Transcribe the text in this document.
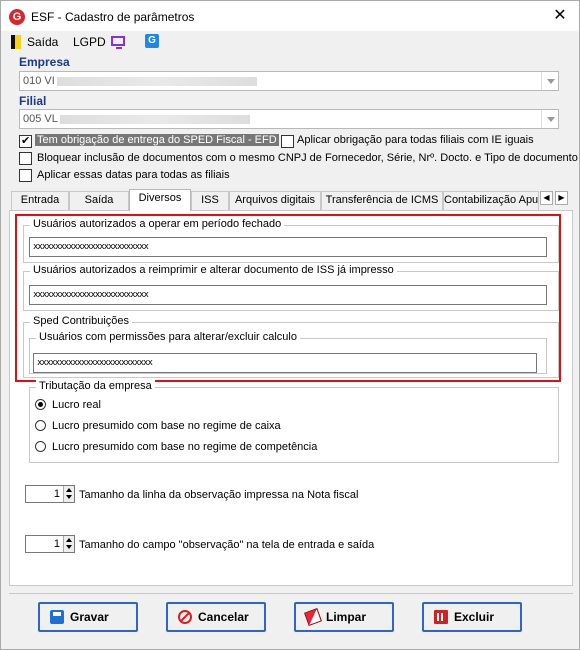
G ESF - Cadastro de parâmetros	✕
Saída LGPD	G
Empresa
010 VI
Filial
005 VL
✔
Tem obrigação de entrega do SPED Fiscal - EFD Aplicar obrigação para todas filiais com IE iguais
Bloquear inclusão de documentos com o mesmo CNPJ de Fornecedor, Série, Nrº. Docto. e Tipo de documento
Aplicar essas datas para todas as filiais
Entrada	Saída	Diversos	ISS	Arquivos digitais Transferência de ICMS Contabilização Apu ◀	▶
Usuários autorizados a operar em período fechado
xxxxxxxxxxxxxxxxxxxxxxxxxx
Usuários autorizados a reimprimir e alterar documento de ISS já impresso
xxxxxxxxxxxxxxxxxxxxxxxxxx
Sped Contribuições
Usuários com permissões para alterar/excluir calculo
xxxxxxxxxxxxxxxxxxxxxxxxxx
Tributação da empresa
Lucro real
Lucro presumido com base no regime de caixa
Lucro presumido com base no regime de competência
1	Tamanho da linha da observação impressa na Nota fiscal
1	Tamanho do campo "observação" na tela de entrada e saída
Gravar	Cancelar	Limpar	Excluir
